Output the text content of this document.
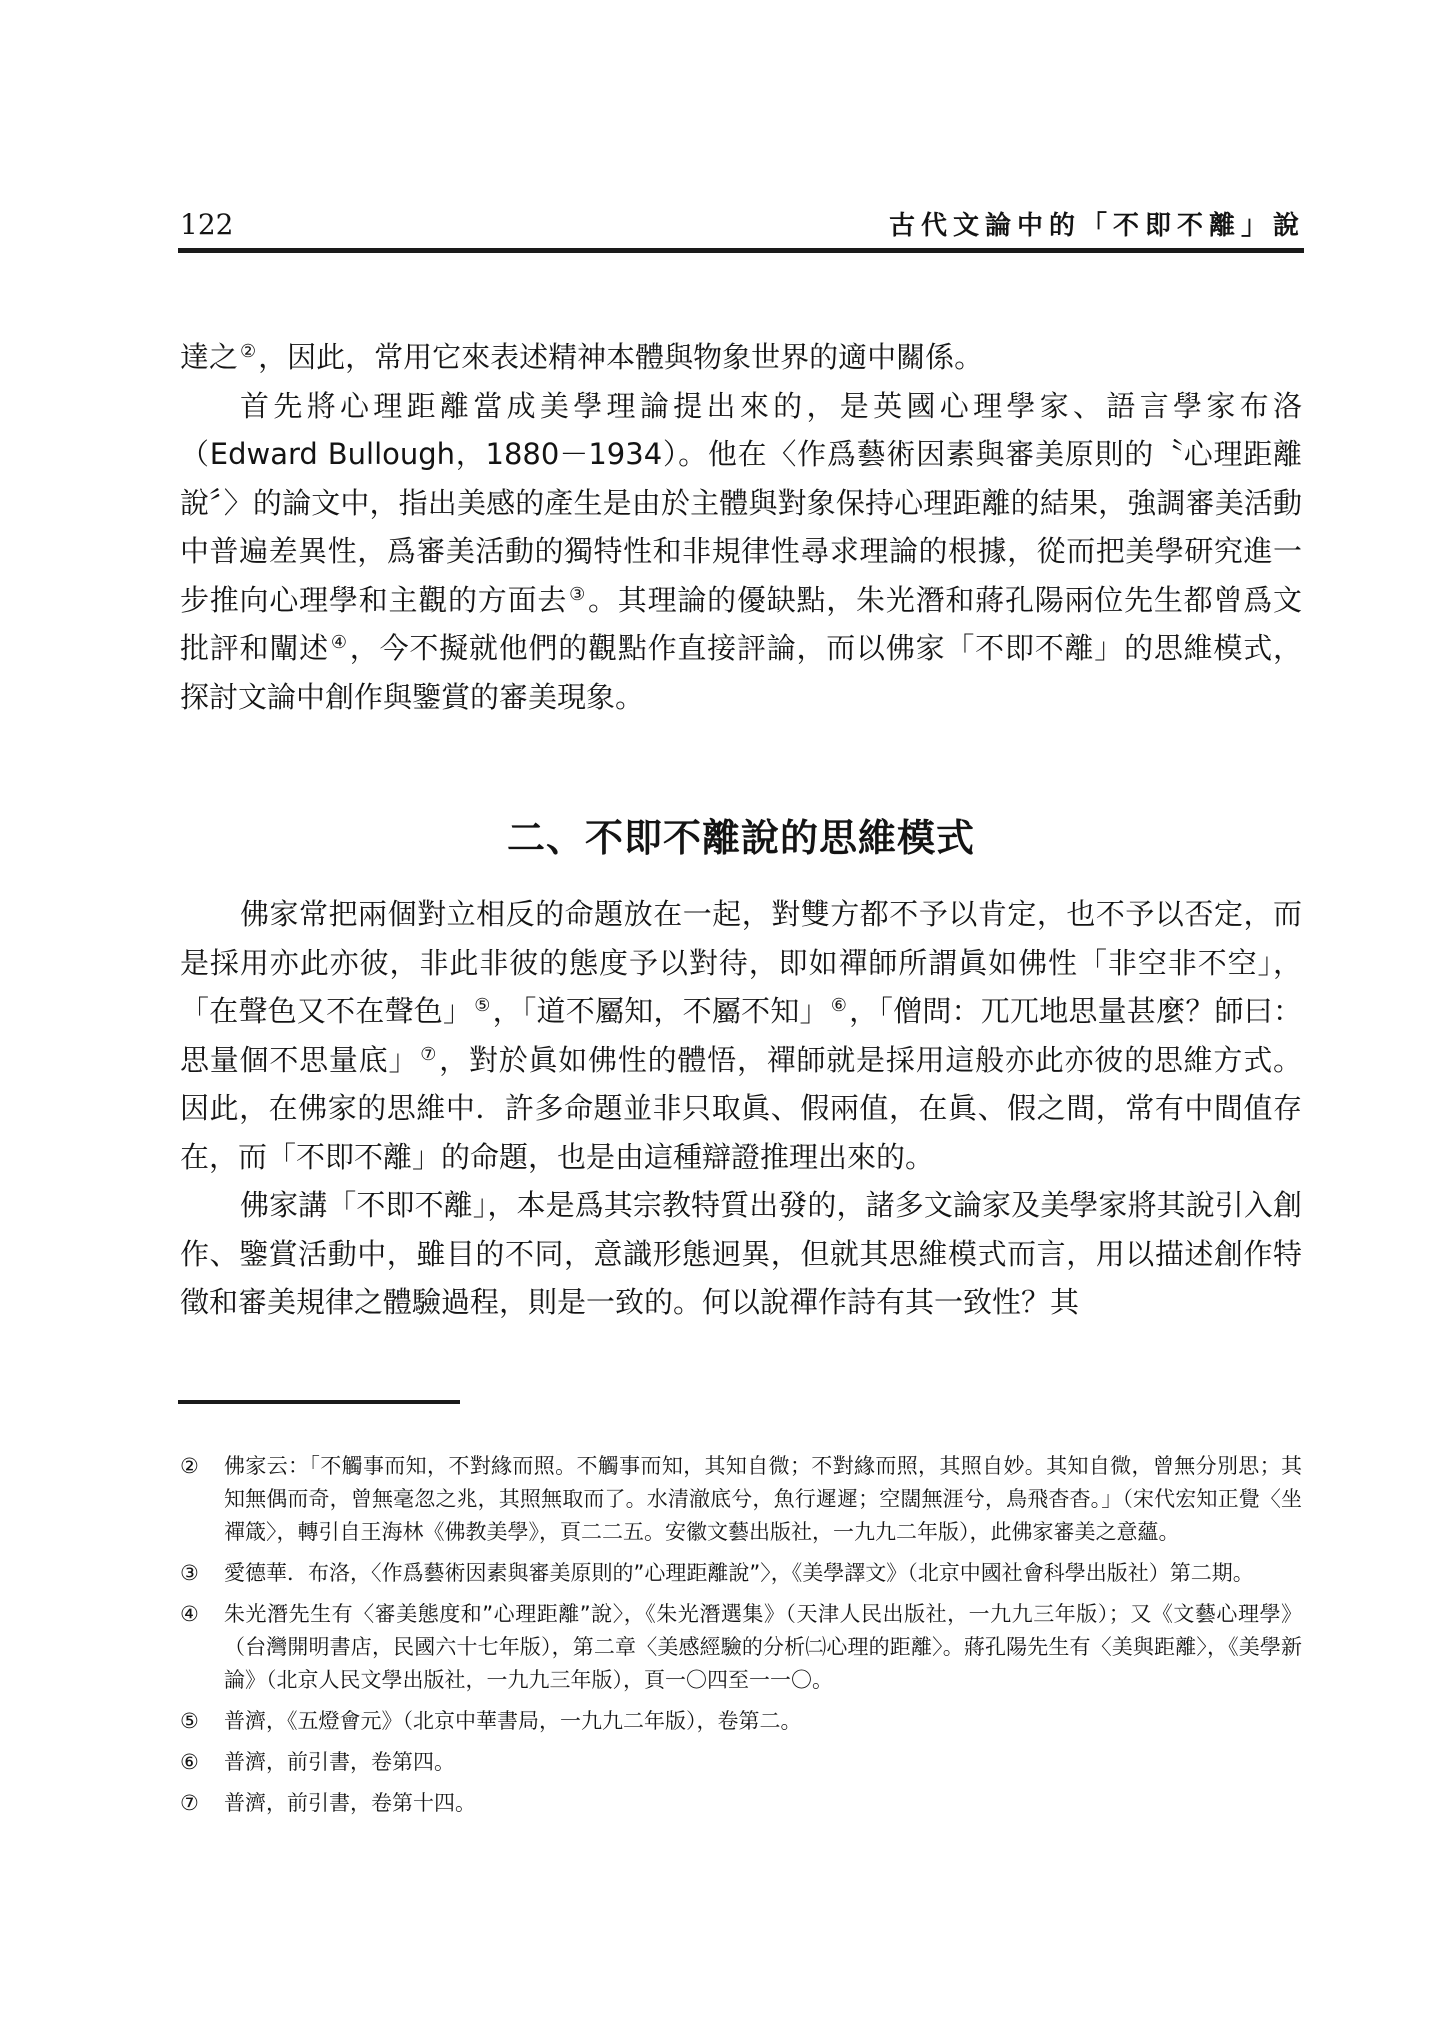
122	古代文論中的「不即不離」說

達之 ②，因此，常用它來表述精神本體與物象世界的適中關係。

首先將心理距離當成美學理論提出來的，是英國心理學家、語言學家布洛（Edward Bullough，1880－1934）。他在〈作爲藝術因素與審美原則的〝心理距離說〞〉的論文中，指出美感的產生是由於主體與對象保持心理距離的結果，強調審美活動中普遍差異性，爲審美活動的獨特性和非規律性尋求理論的根據，從而把美學研究進一步推向心理學和主觀的方面去 ③。其理論的優缺點，朱光潛和蔣孔陽兩位先生都曾爲文批評和闡述 ④，今不擬就他們的觀點作直接評論，而以佛家「不即不離」的思維模式，探討文論中創作與鑒賞的審美現象。

二、不即不離說的思維模式

佛家常把兩個對立相反的命題放在一起，對雙方都不予以肯定，也不予以否定，而是採用亦此亦彼，非此非彼的態度予以對待，即如禪師所謂眞如佛性「非空非不空」，「在聲色又不在聲色」 ⑤，「道不屬知，不屬不知」 ⑥，「僧問：兀兀地思量甚麼？師曰：思量個不思量底」 ⑦，對於眞如佛性的體悟，禪師就是採用這般亦此亦彼的思維方式。因此，在佛家的思維中．許多命題並非只取眞、假兩值，在眞、假之間，常有中間值存在，而「不即不離」的命題，也是由這種辯證推理出來的。

佛家講「不即不離」，本是爲其宗教特質出發的，諸多文論家及美學家將其說引入創作、鑒賞活動中，雖目的不同，意識形態迥異，但就其思維模式而言，用以描述創作特徵和審美規律之體驗過程，則是一致的。何以說禪作詩有其一致性？其

②	佛家云：「不觸事而知，不對緣而照。不觸事而知，其知自微；不對緣而照，其照自妙。其知自微，曾無分別思；其知無偶而奇，曾無毫忽之兆，其照無取而了。水清澈底兮，魚行遲遲；空闊無涯兮，鳥飛杳杳。」（宋代宏知正覺〈坐禪箴〉，轉引自王海林《佛教美學》，頁二二五。安徽文藝出版社，一九九二年版），此佛家審美之意蘊。
③	愛德華．布洛，〈作爲藝術因素與審美原則的”心理距離說”〉，《美學譯文》（北京中國社會科學出版社）第二期。
④	朱光潛先生有〈審美態度和”心理距離”說〉，《朱光潛選集》（天津人民出版社，一九九三年版）；又《文藝心理學》（台灣開明書店，民國六十七年版），第二章〈美感經驗的分析㈡心理的距離〉。蔣孔陽先生有〈美與距離〉，《美學新論》（北京人民文學出版社，一九九三年版），頁一〇四至一一〇。
⑤	普濟，《五燈會元》（北京中華書局，一九九二年版），卷第二。
⑥	普濟，前引書，卷第四。
⑦	普濟，前引書，卷第十四。
